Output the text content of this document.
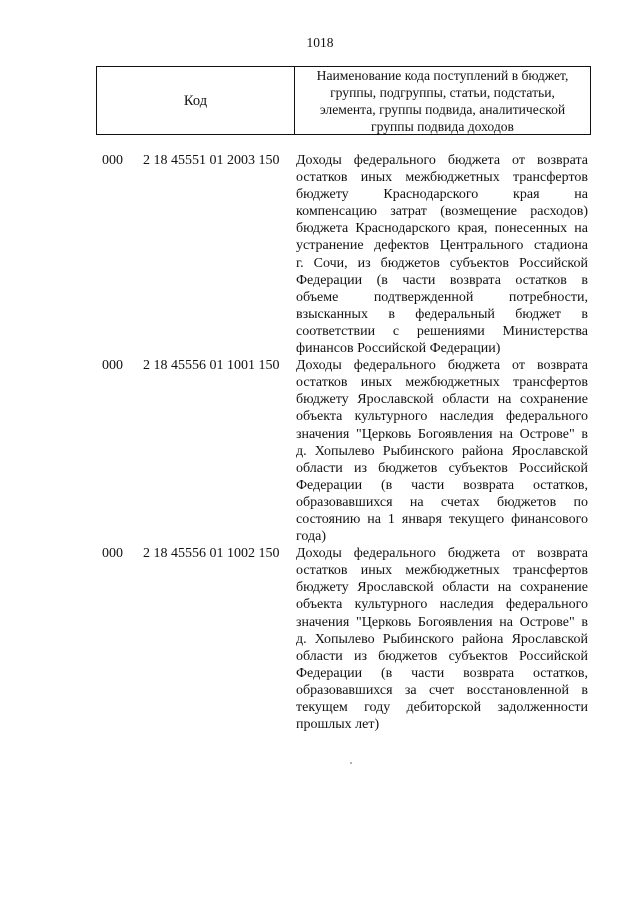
1018
Код
Наименование кода поступлений в бюджет,
группы, подгруппы, статьи, подстатьи,
элемента, группы подвида, аналитической
группы подвида доходов
000 2 18 45551 01 2003 150 Доходы федерального бюджета от возврата
остатков иных межбюджетных трансфертов
бюджету Краснодарского края на
компенсацию затрат (возмещение расходов)
бюджета Краснодарского края, понесенных на
устранение дефектов Центрального стадиона
г. Сочи, из бюджетов субъектов Российской
Федерации (в части возврата остатков в
объеме подтвержденной потребности,
взысканных в федеральный бюджет в
соответствии с решениями Министерства
финансов Российской Федерации)
000 2 18 45556 01 1001 150 Доходы федерального бюджета от возврата
остатков иных межбюджетных трансфертов
бюджету Ярославской области на сохранение
объекта культурного наследия федерального
значения "Церковь Богоявления на Острове" в
д. Хопылево Рыбинского района Ярославской
области из бюджетов субъектов Российской
Федерации (в части возврата остатков,
образовавшихся на счетах бюджетов по
состоянию на 1 января текущего финансового
года)
000 2 18 45556 01 1002 150 Доходы федерального бюджета от возврата
остатков иных межбюджетных трансфертов
бюджету Ярославской области на сохранение
объекта культурного наследия федерального
значения "Церковь Богоявления на Острове" в
д. Хопылево Рыбинского района Ярославской
области из бюджетов субъектов Российской
Федерации (в части возврата остатков,
образовавшихся за счет восстановленной в
текущем году дебиторской задолженности
прошлых лет)
